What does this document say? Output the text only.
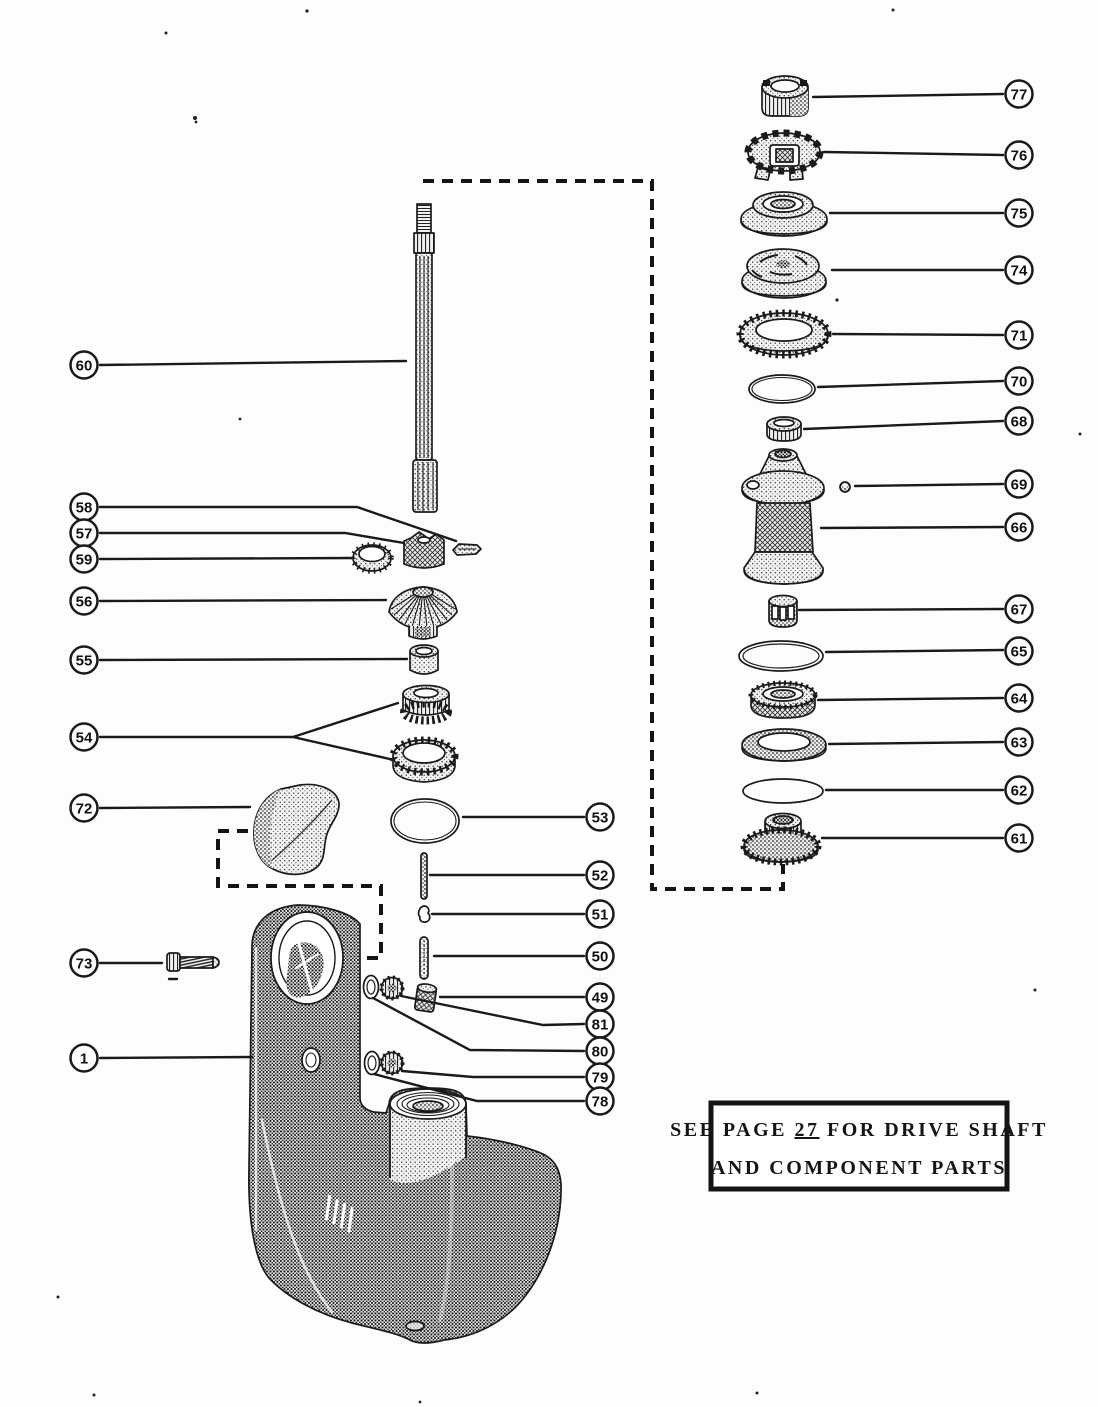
60
58
57
59
56
55
54
72
73
1
53
52
51
50
49
81
80
79
78
77
76
75
74
71
70
68
69
66
67
65
64
63
62
61
SEE PAGE 27 FOR DRIVE SHAFT
AND COMPONENT PARTS
